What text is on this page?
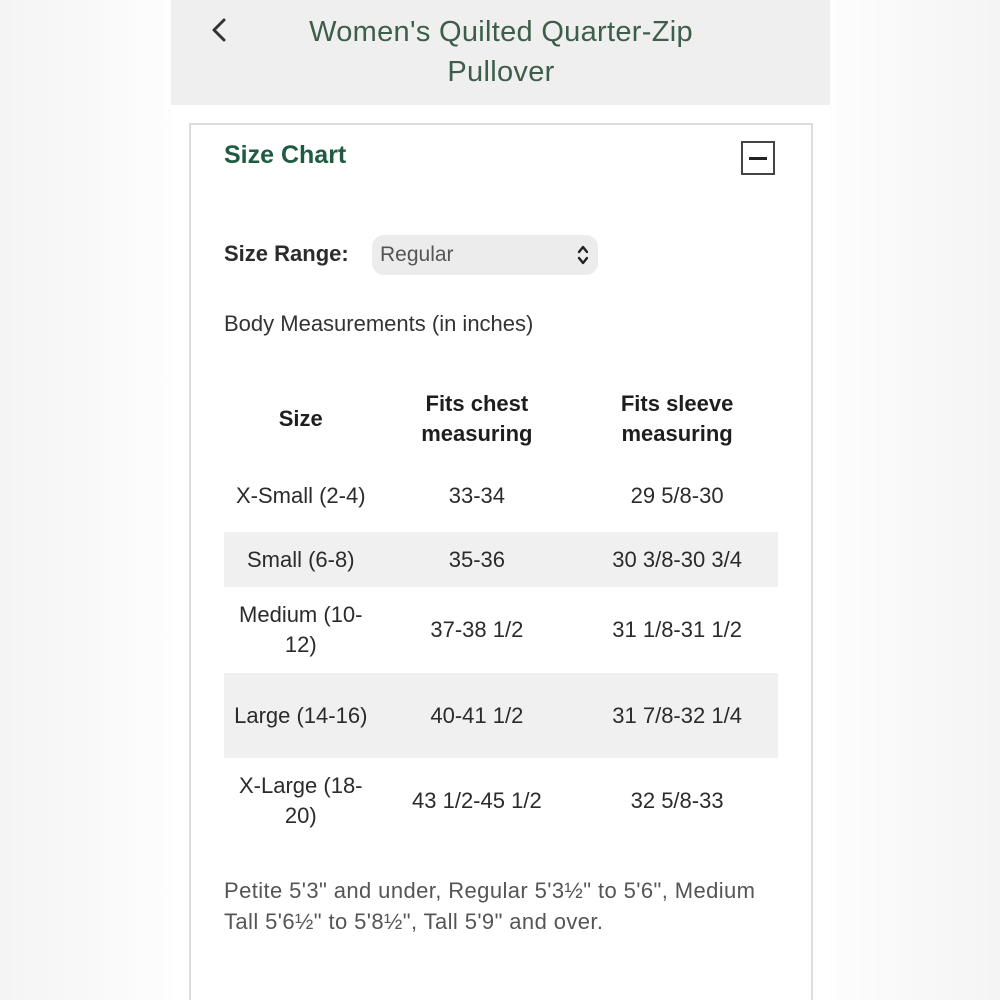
Women's Quilted Quarter-Zip Pullover
Size Chart
Size Range: Regular
Body Measurements (in inches)
Size	Fits chest measuring	Fits sleeve measuring
X-Small (2-4)	33-34	29 5/8-30
Small (6-8)	35-36	30 3/8-30 3/4
Medium (10-12)	37-38 1/2	31 1/8-31 1/2
Large (14-16)	40-41 1/2	31 7/8-32 1/4
X-Large (18-20)	43 1/2-45 1/2	32 5/8-33
Petite 5'3" and under, Regular 5'3½" to 5'6", Medium Tall 5'6½" to 5'8½", Tall 5'9" and over.
